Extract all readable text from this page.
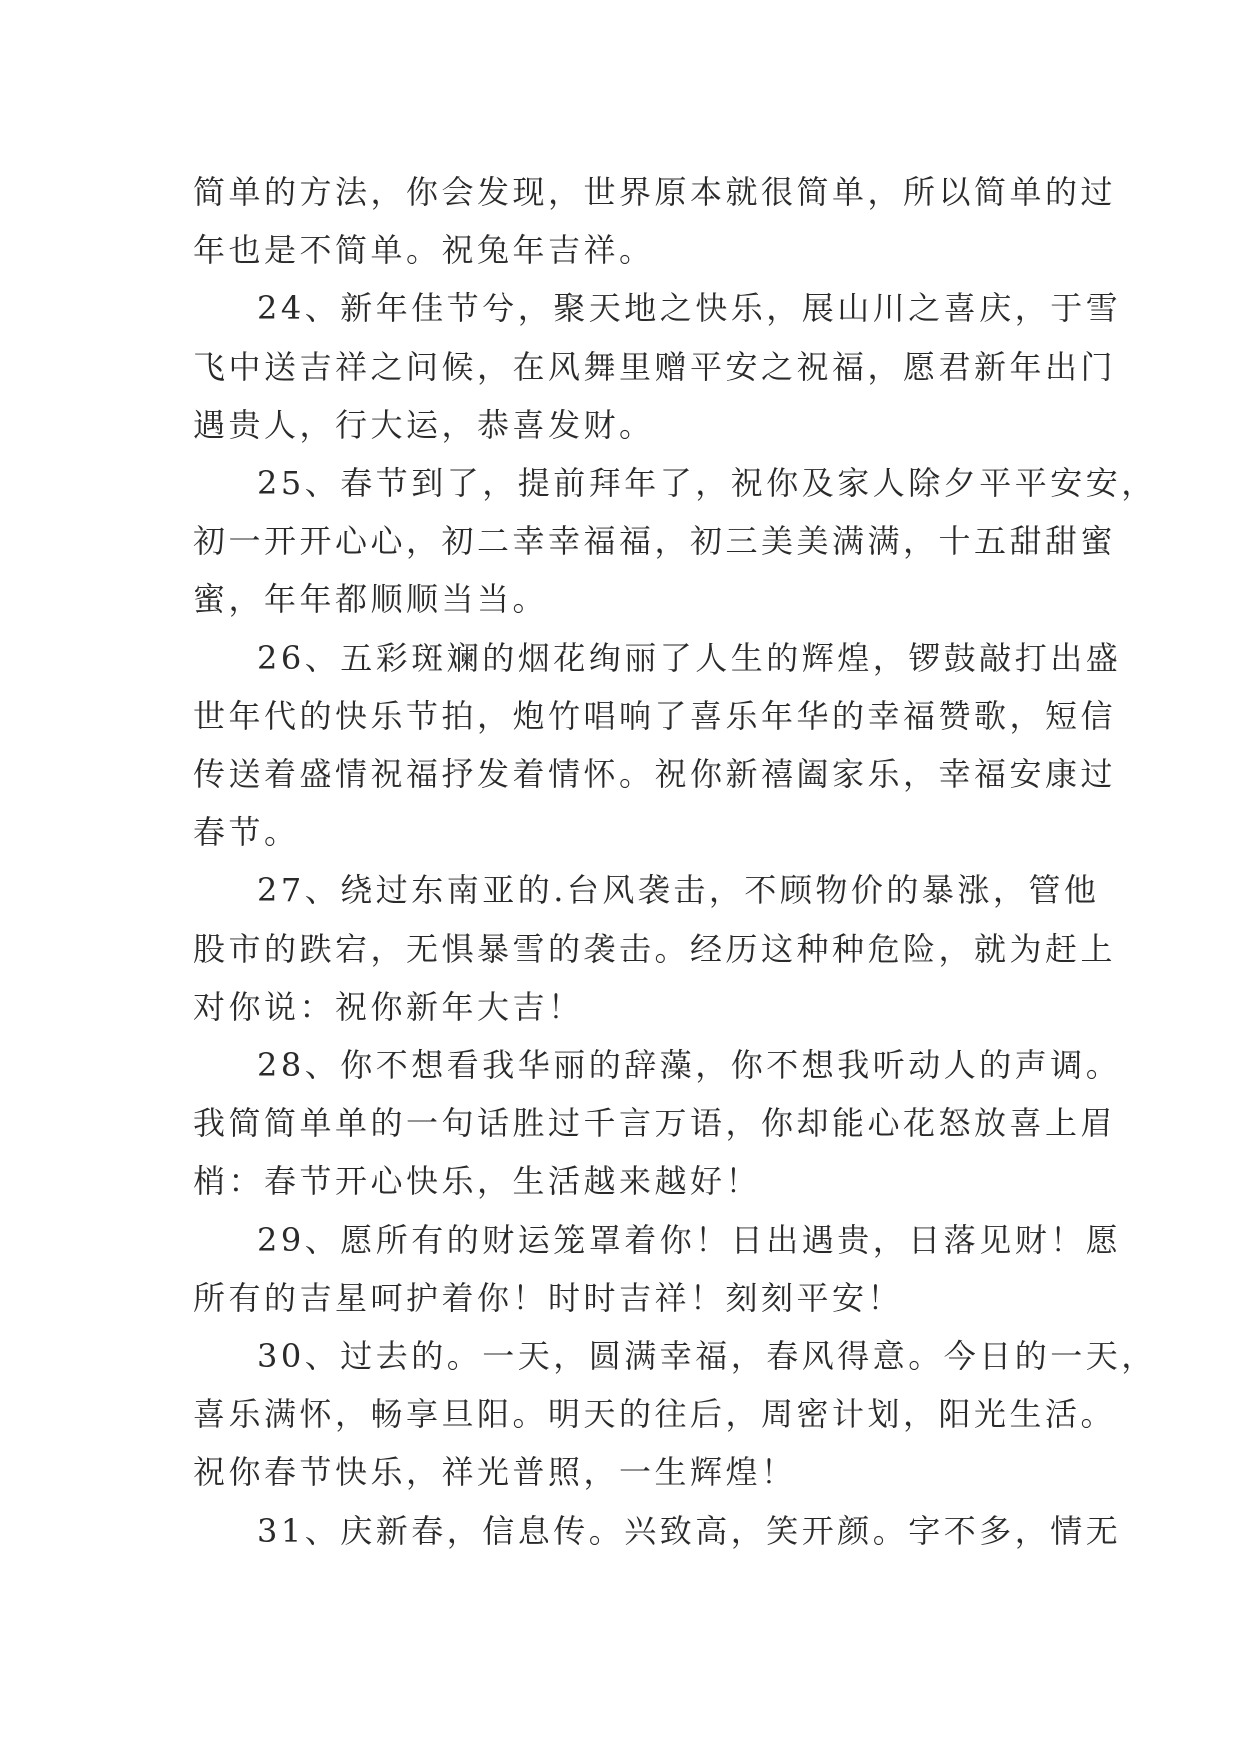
简单的方法，你会发现，世界原本就很简单，所以简单的过
年也是不简单。祝兔年吉祥。

24、新年佳节兮，聚天地之快乐，展山川之喜庆，于雪
飞中送吉祥之问候，在风舞里赠平安之祝福，愿君新年出门
遇贵人，行大运，恭喜发财。

25、春节到了，提前拜年了，祝你及家人除夕平平安安，
初一开开心心，初二幸幸福福，初三美美满满，十五甜甜蜜
蜜，年年都顺顺当当。

26、五彩斑斓的烟花绚丽了人生的辉煌，锣鼓敲打出盛
世年代的快乐节拍，炮竹唱响了喜乐年华的幸福赞歌，短信
传送着盛情祝福抒发着情怀。祝你新禧阖家乐，幸福安康过
春节。

27、绕过东南亚的.台风袭击，不顾物价的暴涨，管他
股市的跌宕，无惧暴雪的袭击。经历这种种危险，就为赶上
对你说：祝你新年大吉！

28、你不想看我华丽的辞藻，你不想我听动人的声调。
我简简单单的一句话胜过千言万语，你却能心花怒放喜上眉
梢：春节开心快乐，生活越来越好！

29、愿所有的财运笼罩着你！日出遇贵，日落见财！愿
所有的吉星呵护着你！时时吉祥！刻刻平安！

30、过去的。一天，圆满幸福，春风得意。今日的一天，
喜乐满怀，畅享旦阳。明天的往后，周密计划，阳光生活。
祝你春节快乐，祥光普照，一生辉煌！

31、庆新春，信息传。兴致高，笑开颜。字不多，情无
